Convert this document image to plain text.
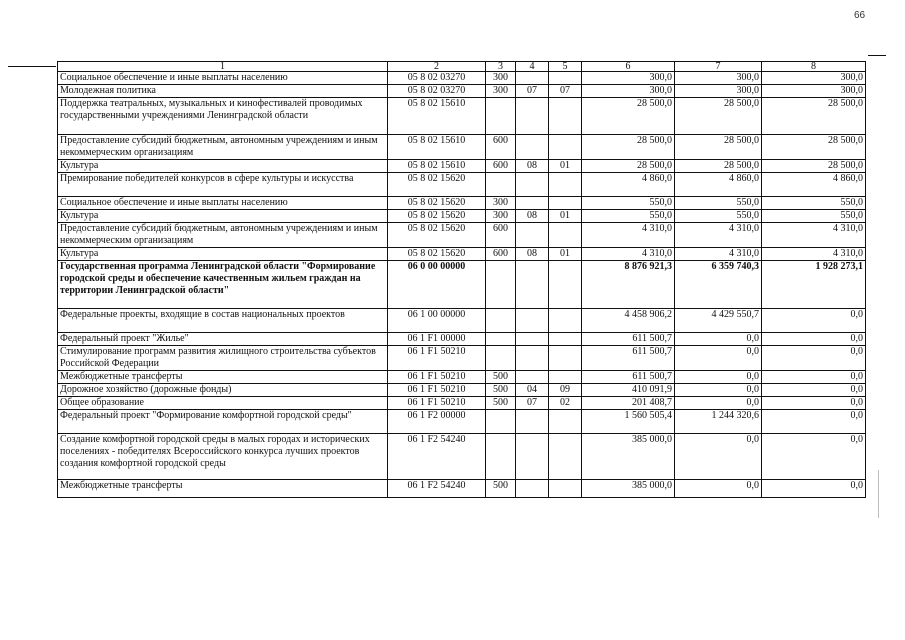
66
1	2	3	4	5	6	7	8
Социальное обеспечение и иные выплаты населению	05 8 02 03270	300			300,0	300,0	300,0
Молодежная политика	05 8 02 03270	300	07	07	300,0	300,0	300,0
Поддержка театральных, музыкальных и кинофестивалей проводимых государственными учреждениями Ленинградской области	05 8 02 15610				28 500,0	28 500,0	28 500,0
Предоставление субсидий бюджетным, автономным учреждениям и иным некоммерческим организациям	05 8 02 15610	600			28 500,0	28 500,0	28 500,0
Культура	05 8 02 15610	600	08	01	28 500,0	28 500,0	28 500,0
Премирование победителей конкурсов в сфере культуры и искусства	05 8 02 15620				4 860,0	4 860,0	4 860,0
Социальное обеспечение и иные выплаты населению	05 8 02 15620	300			550,0	550,0	550,0
Культура	05 8 02 15620	300	08	01	550,0	550,0	550,0
Предоставление субсидий бюджетным, автономным учреждениям и иным некоммерческим организациям	05 8 02 15620	600			4 310,0	4 310,0	4 310,0
Культура	05 8 02 15620	600	08	01	4 310,0	4 310,0	4 310,0
Государственная программа Ленинградской области "Формирование городской среды и обеспечение качественным жильем граждан на территории Ленинградской области"	06 0 00 00000				8 876 921,3	6 359 740,3	1 928 273,1
Федеральные проекты, входящие в состав национальных проектов	06 1 00 00000				4 458 906,2	4 429 550,7	0,0
Федеральный проект "Жилье"	06 1 F1 00000				611 500,7	0,0	0,0
Стимулирование программ развития жилищного строительства субъектов Российской Федерации	06 1 F1 50210				611 500,7	0,0	0,0
Межбюджетные трансферты	06 1 F1 50210	500			611 500,7	0,0	0,0
Дорожное хозяйство (дорожные фонды)	06 1 F1 50210	500	04	09	410 091,9	0,0	0,0
Общее образование	06 1 F1 50210	500	07	02	201 408,7	0,0	0,0
Федеральный проект "Формирование комфортной городской среды"	06 1 F2 00000				1 560 505,4	1 244 320,6	0,0
Создание комфортной городской среды в малых городах и исторических поселениях - победителях Всероссийского конкурса лучших проектов создания комфортной городской среды	06 1 F2 54240				385 000,0	0,0	0,0
Межбюджетные трансферты	06 1 F2 54240	500			385 000,0	0,0	0,0
